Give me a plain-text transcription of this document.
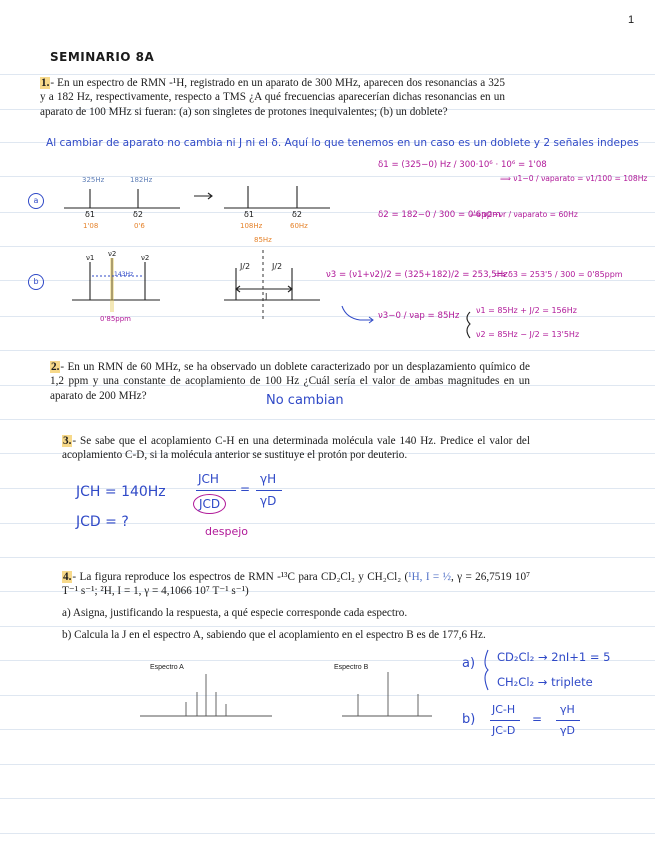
1
SEMINARIO 8A
1.- En un espectro de RMN -¹H, registrado en un aparato de 300 MHz, aparecen dos resonancias a 325 y a 182 Hz, respectivamente, respecto a TMS ¿A qué frecuencias aparecerían dichas resonancias en un aparato de 100 MHz si fueran: (a) son singletes de protones inequivalentes; (b) un doblete?
Al cambiar de aparato no cambia ni J ni el δ. Aquí lo que tenemos en un caso es un doblete y 2 señales indepes
a
325Hz	182Hz
δ1	δ2
1'08	0'6
δ1	δ2
108Hz	60Hz
δ1 = (325−0) Hz / 300·10⁶ · 10⁶ = 1'08
⟹ ν1−0 / νaparato = ν1/100 = 108Hz
δ2 = 182−0 / 300 = 0'6ppm
⟹ ν2−νr / νaparato = 60Hz
b
ν1 ν2	ν2
143Hz
0'85ppm
85Hz
J/2	J/2
J
ν3 = (ν1+ν2)/2 = (325+182)/2 = 253,5Hz
⟹ δ3 = 253'5 / 300 = 0'85ppm
ν3−0 / νap = 85Hz
ν1 = 85Hz + J/2 = 156Hz
ν2 = 85Hz − J/2 = 13'5Hz
2.- En un RMN de 60 MHz, se ha observado un doblete caracterizado por un desplazamiento químico de 1,2 ppm y una constante de acoplamiento de 100 Hz ¿Cuál sería el valor de ambas magnitudes en un aparato de 200 MHz?	No cambian
3.- Se sabe que el acoplamiento C-H en una determinada molécula vale 140 Hz. Predice el valor del acoplamiento C-D, si la molécula anterior se sustituye el protón por deuterio.
JCH = 140Hz
JCD = ?
JCH
JCD
=
γH
γD
despejo
4.- La figura reproduce los espectros de RMN -¹³C para CD₂Cl₂ y CH₂Cl₂ (¹H, I = ½, γ = 26,7519 10⁷ T⁻¹ s⁻¹; ²H, I = 1, γ = 4,1066 10⁷ T⁻¹ s⁻¹)
a) Asigna, justificando la respuesta, a qué especie corresponde cada espectro.
b) Calcula la J en el espectro A, sabiendo que el acoplamiento en el espectro B es de 177,6 Hz.
Espectro A	Espectro B	a) CD₂Cl₂ → 2nI+1 = 5
CH₂Cl₂ → triplete
b)
JC-H
JC-D
=
γH
γD
